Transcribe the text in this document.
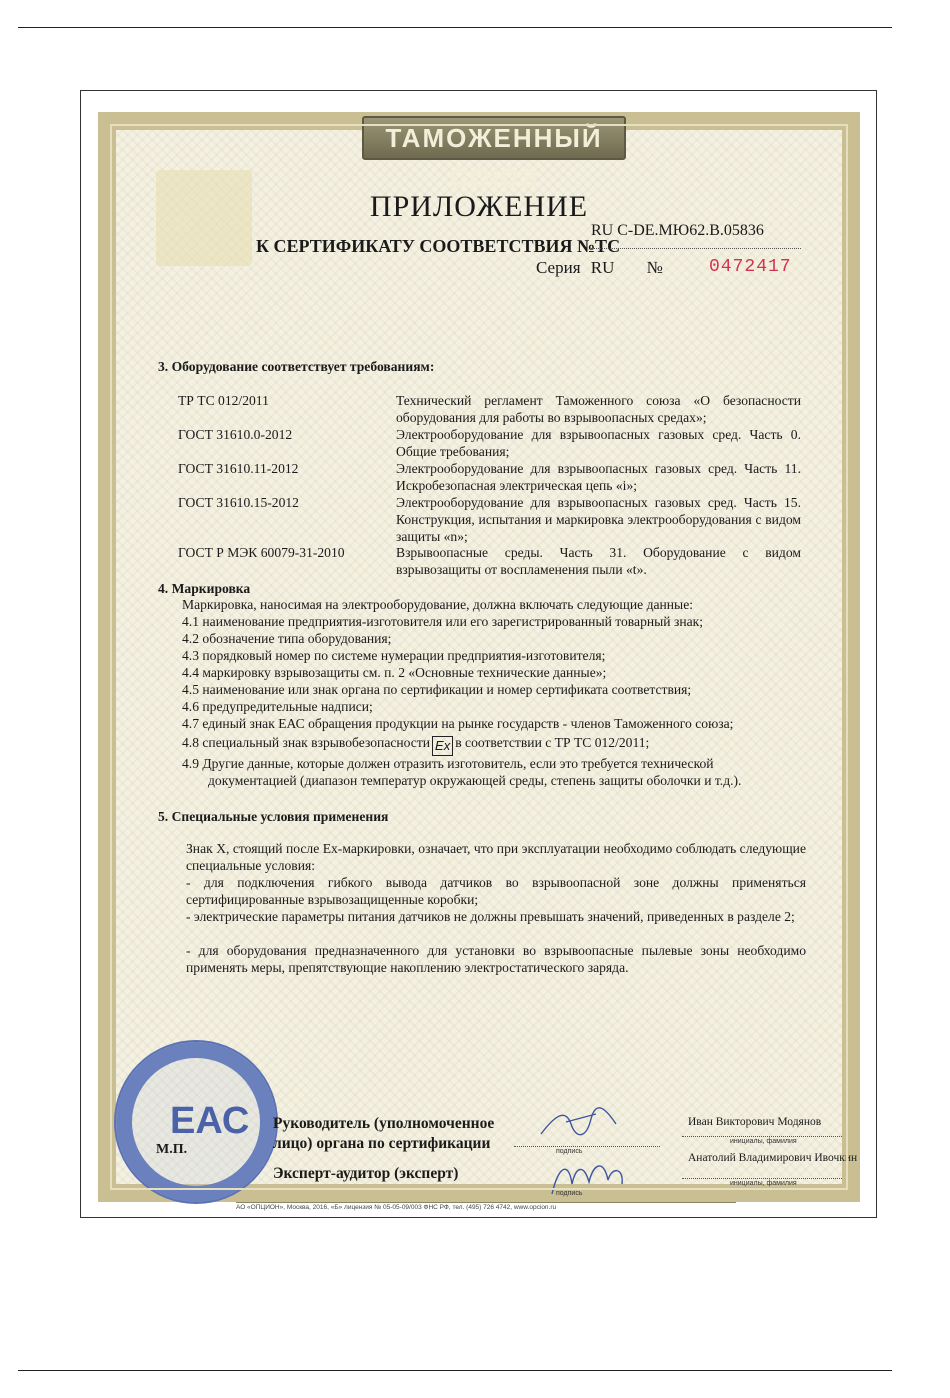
ТАМОЖЕННЫЙ СОЮЗ
ПРИЛОЖЕНИЕ
К СЕРТИФИКАТУ СООТВЕТСТВИЯ №ТС
RU C-DE.МЮ62.B.05836
Серия RU №	0472417
3. Оборудование соответствует требованиям:
ТР ТС 012/2011	Технический регламент Таможенного союза «О безопасности оборудования для работы во взрывоопасных средах»;
ГОСТ 31610.0-2012	Электрооборудование для взрывоопасных газовых сред. Часть 0. Общие требования;
ГОСТ 31610.11-2012	Электрооборудование для взрывоопасных газовых сред. Часть 11. Искробезопасная электрическая цепь «i»;
ГОСТ 31610.15-2012	Электрооборудование для взрывоопасных газовых сред. Часть 15. Конструкция, испытания и маркировка электрооборудования с видом защиты «n»;
ГОСТ Р МЭК 60079-31-2010	Взрывоопасные среды. Часть 31. Оборудование с видом взрывозащиты от воспламенения пыли «t».
4. Маркировка
Маркировка, наносимая на электрооборудование, должна включать следующие данные:
4.1 наименование предприятия-изготовителя или его зарегистрированный товарный знак;
4.2 обозначение типа оборудования;
4.3 порядковый номер по системе нумерации предприятия-изготовителя;
4.4 маркировку взрывозащиты см. п. 2 «Основные технические данные»;
4.5 наименование или знак органа по сертификации и номер сертификата соответствия;
4.6 предупредительные надписи;
4.7 единый знак ЕАС обращения продукции на рынке государств - членов Таможенного союза;
4.8 специальный знак взрывобезопасности Ex в соответствии с ТР ТС 012/2011;
4.9 Другие данные, которые должен отразить изготовитель, если это требуется технической
документацией (диапазон температур окружающей среды, степень защиты оболочки и т.д.).
5. Специальные условия применения
Знак X, стоящий после Ex-маркировки, означает, что при эксплуатации необходимо соблюдать следующие специальные условия:
- для подключения гибкого вывода датчиков во взрывоопасной зоне должны применяться сертифицированные взрывозащищенные коробки;
- электрические параметры питания датчиков не должны превышать значений, приведенных в разделе 2;
- для оборудования предназначенного для установки во взрывоопасные пылевые зоны необходимо применять меры, препятствующие накоплению электростатического заряда.
ЕАС
М.П.
Руководитель (уполномоченное
лицо) органа по сертификации
Эксперт-аудитор (эксперт)
подпись
подпись
Иван Викторович Модянов
инициалы, фамилия
Анатолий Владимирович Ивочкин
инициалы, фамилия
АО «ОПЦИОН», Москва, 2016, «Б» лицензия № 05-05-09/003 ФНС РФ, тел. (495) 726 4742, www.opcion.ru
